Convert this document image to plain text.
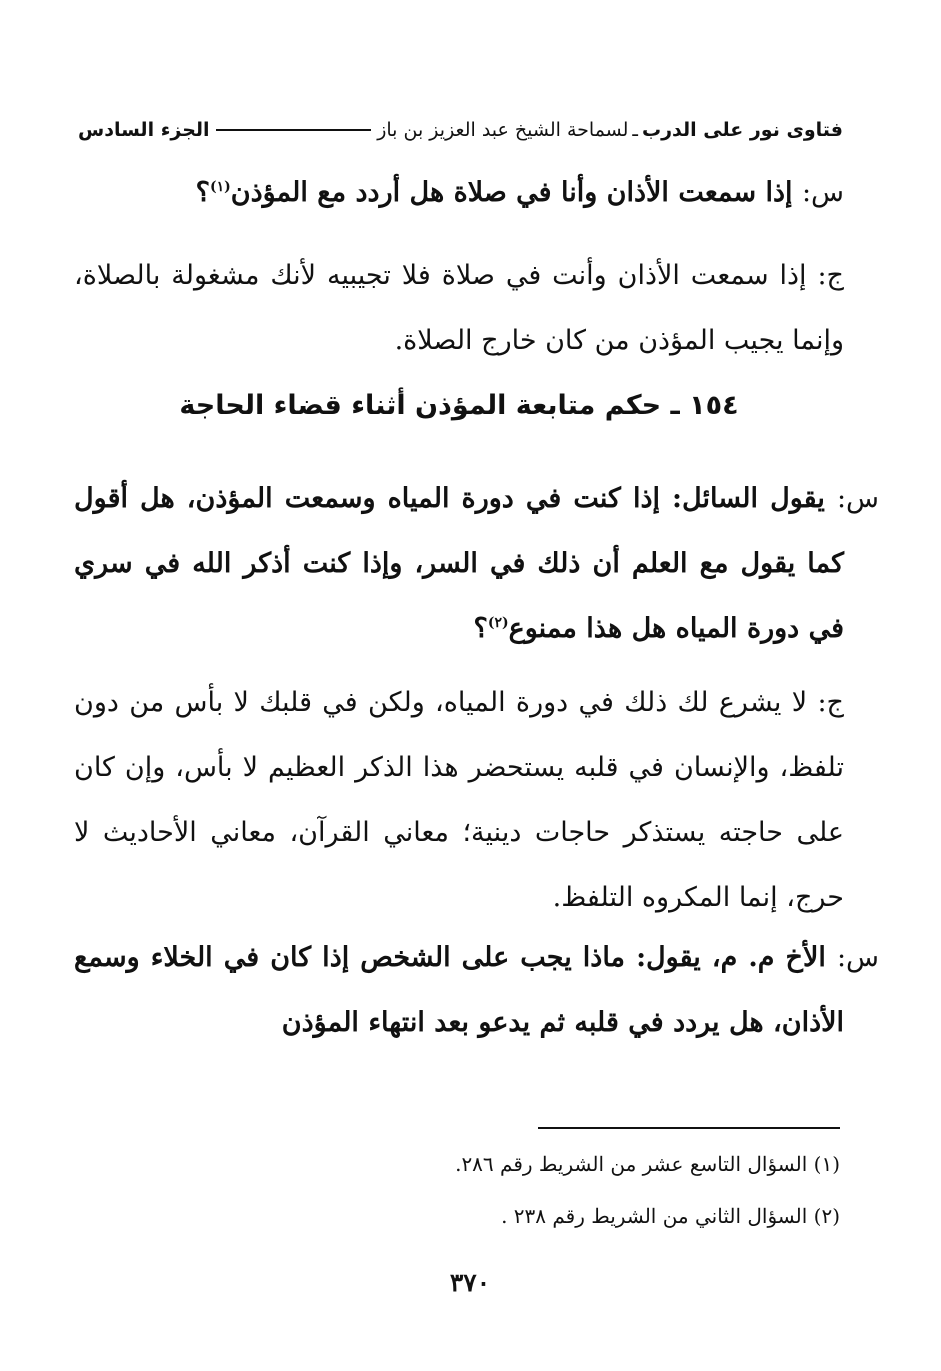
فتاوى نور على الدرب
ـ
لسماحة الشيخ عبد العزيز بن باز
الجزء السادس
س: إذا سمعت الأذان وأنا في صلاة هل أردد مع المؤذن$^{(١)}$؟
ج: إذا سمعت الأذان وأنت في صلاة فلا تجيبيه لأنك مشغولة بالصلاة، وإنما يجيب المؤذن من كان خارج الصلاة.
١٥٤ ـ حكم متابعة المؤذن أثناء قضاء الحاجة
س: يقول السائل: إذا كنت في دورة المياه وسمعت المؤذن، هل أقول كما يقول مع العلم أن ذلك في السر، وإذا كنت أذكر الله في سري في دورة المياه هل هذا ممنوع$^{(٢)}$؟
ج: لا يشرع لك ذلك في دورة المياه، ولكن في قلبك لا بأس من دون تلفظ، والإنسان في قلبه يستحضر هذا الذكر العظيم لا بأس، وإن كان على حاجته يستذكر حاجات دينية؛ معاني القرآن، معاني الأحاديث لا حرج، إنما المكروه التلفظ.
س: الأخ م. م، يقول: ماذا يجب على الشخص إذا كان في الخلاء وسمع الأذان، هل يردد في قلبه ثم يدعو بعد انتهاء المؤذن
(١) السؤال التاسع عشر من الشريط رقم ٢٨٦.
(٢) السؤال الثاني من الشريط رقم ٢٣٨ .
٣٧٠
